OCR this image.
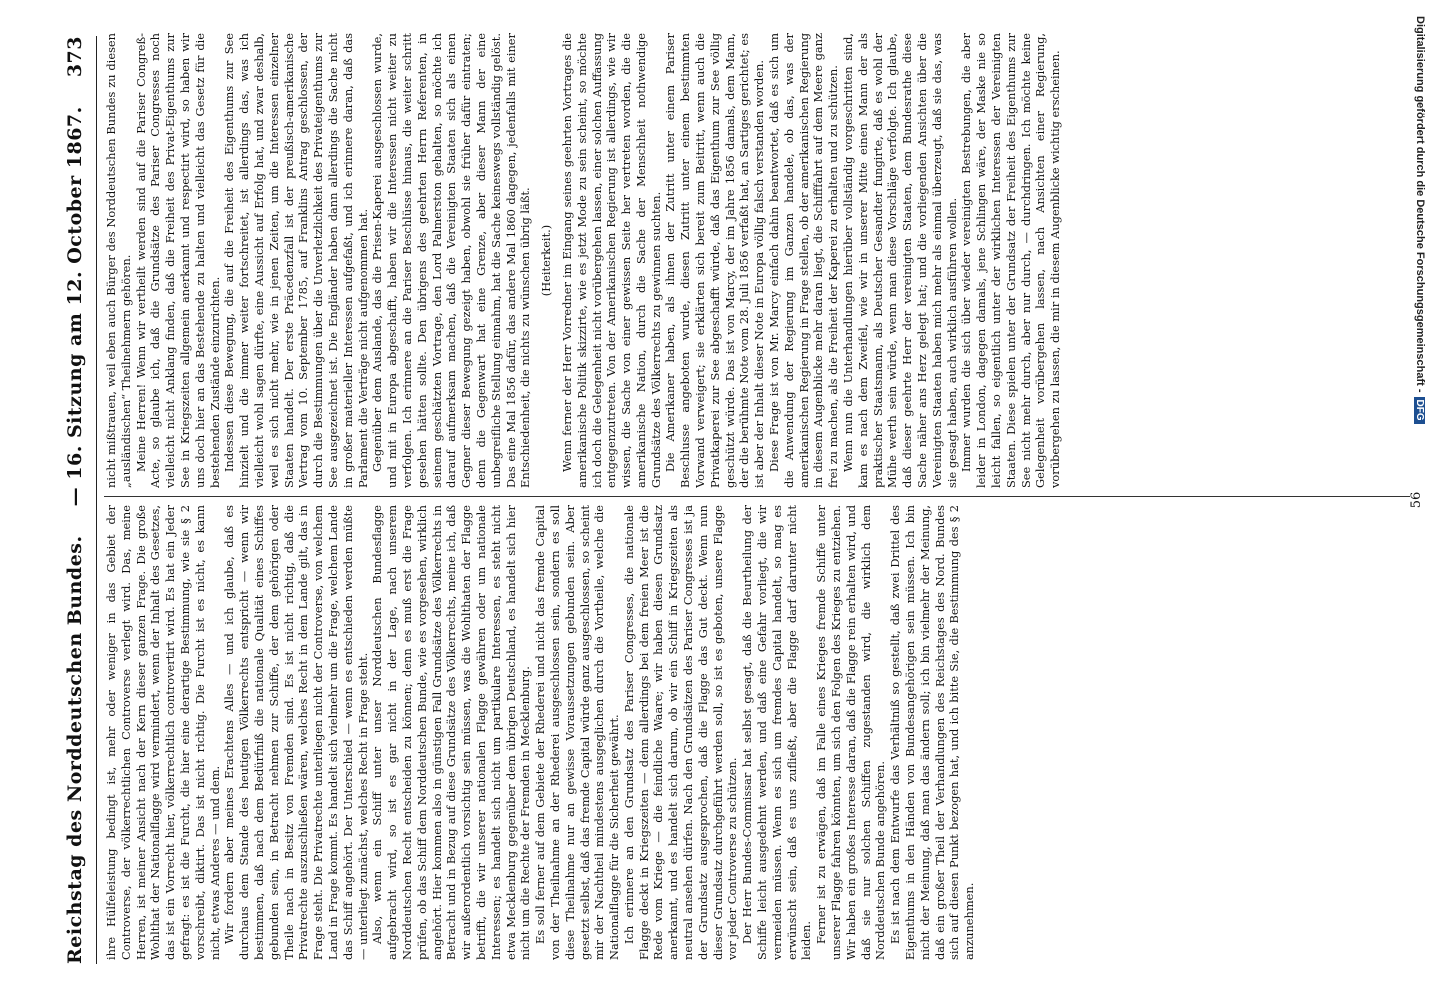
Reichstag des Norddeutschen Bundes.
— 16. Sitzung am 12. October 1867.
373

ihre Hülfeleistung bedingt ist, mehr oder weniger in das Gebiet der Controverse, der völkerrechtlichen Controverse verlegt wird. Das, meine Herren, ist meiner Ansicht nach der Kern dieser ganzen Frage. Die große Wohlthat der Nationalflagge wird vermindert, wenn der Inhalt des Gesetzes, das ist ein Vorrecht hier, völkerrechtlich controvertirt wird. Es hat ein Jeder gefragt: es ist die Furcht, die hier eine derartige Bestimmung, wie sie § 2 vorschreibt, diktirt. Das ist nicht richtig. Die Furcht ist es nicht, es kann nicht, etwas Anderes — und dem. Wir fordern aber meines Erachtens Alles — und ich glaube, daß es durchaus dem Stande des heutigen Völkerrechts entspricht — wenn wir bestimmen, daß nach dem Bedürfniß die nationale Qualität eines Schiffes gebunden sein, in Betracht nehmen zur Schiffe, der dem gehörigen oder Theile nach in Besitz von Fremden sind. Es ist nicht richtig, daß die Privatrechte auszuschließen wären, welches Recht in dem Lande gilt, das in Frage steht. Die Privatrechte unterliegen nicht der Controverse, von welchem Land in Frage kommt. Es handelt sich vielmehr um die Frage, welchem Lande das Schiff angehört. Der Unterschied — wenn es entschieden werden müßte — unterliegt zunächst, welches Recht in Frage steht. Also, wenn ein Schiff unter unser Norddeutschen Bundesflagge aufgebracht wird, so ist es gar nicht in der Lage, nach unserem Norddeutschen Recht entscheiden zu können; denn es muß erst die Frage prüfen, ob das Schiff dem Norddeutschen Bunde, wie es vorgesehen, wirklich angehört. Hier kommen also in günstigen Fall Grundsätze des Völkerrechts in Betracht und in Bezug auf diese Grundsätze des Völkerrechts, meine ich, daß wir außerordentlich vorsichtig sein müssen, was die Wohlthaten der Flagge betrifft, die wir unserer nationalen Flagge gewähren oder um nationale Interessen; es handelt sich nicht um partikulare Interessen, es steht nicht etwa Mecklenburg gegenüber dem übrigen Deutschland, es handelt sich hier nicht um die Rechte der Fremden in Mecklenburg. Es soll ferner auf dem Gebiete der Rhederei und nicht das fremde Capital von der Theilnahme an der Rhederei ausgeschlossen sein, sondern es soll diese Theilnahme nur an gewisse Voraussetzungen gebunden sein. Aber gesetzt selbst, daß das fremde Capital würde ganz ausgeschlossen, so scheint mir der Nachtheil mindestens ausgeglichen durch die Vortheile, welche die Nationalflagge für die Sicherheit gewährt. Ich erinnere an den Grundsatz des Pariser Congresses, die nationale Flagge deckt in Kriegszeiten — denn allerdings bei dem freien Meer ist die Rede vom Kriege — die feindliche Waare; wir haben diesen Grundsatz anerkannt, und es handelt sich darum, ob wir ein Schiff in Kriegszeiten als neutral ansehen dürfen. Nach den Grundsätzen des Pariser Congresses ist ja der Grundsatz ausgesprochen, daß die Flagge das Gut deckt. Wenn nun dieser Grundsatz durchgeführt werden soll, so ist es geboten, unsere Flagge vor jeder Controverse zu schützen. Der Herr Bundes-Commissar hat selbst gesagt, daß die Beurtheilung der Schiffe leicht ausgedehnt werden, und daß eine Gefahr vorliegt, die wir vermeiden müssen. Wenn es sich um fremdes Capital handelt, so mag es erwünscht sein, daß es uns zufließt, aber die Flagge darf darunter nicht leiden. Ferner ist zu erwägen, daß im Falle eines Krieges fremde Schiffe unter unserer Flagge fahren könnten, um sich den Folgen des Krieges zu entziehen. Wir haben ein großes Interesse daran, daß die Flagge rein erhalten wird, und daß sie nur solchen Schiffen zugestanden wird, die wirklich dem Norddeutschen Bunde angehören. Es ist nach dem Entwurfe das Verhältniß so gestellt, daß zwei Drittel des Eigenthums in den Händen von Bundesangehörigen sein müssen. Ich bin nicht der Meinung, daß man das ändern soll; ich bin vielmehr der Meinung, daß ein großer Theil der Verhandlungen des Reichstages des Nord. Bundes sich auf diesen Punkt bezogen hat, und ich bitte Sie, die Bestimmung des § 2 anzunehmen.

nicht mißtrauen, weil eben auch Bürger des Norddeutschen Bundes zu diesen „ausländischen“ Theilnehmern gehören. Meine Herren! Wenn wir vertheilt werden sind auf die Pariser Congreß-Acte, so glaube ich, daß die Grundsätze des Pariser Congresses noch vielleicht nicht Anklang finden, daß die Freiheit des Privat-Eigenthums zur See in Kriegszeiten allgemein anerkannt und respectirt wird, so haben wir uns doch hier an das Bestehende zu halten und vielleicht das Gesetz für die bestehenden Zustände einzurichten. Indessen diese Bewegung, die auf die Freiheit des Eigenthums zur See hinzielt und die immer weiter fortschreitet, ist allerdings das, was ich vielleicht wohl sagen dürfte, eine Aussicht auf Erfolg hat, und zwar deshalb, weil es sich nicht mehr, wie in jenen Zeiten, um die Interessen einzelner Staaten handelt. Der erste Präcedenzfall ist der preußisch-amerikanische Vertrag vom 10. September 1785, auf Franklins Antrag geschlossen, der durch die Bestimmungen über die Unverletzlichkeit des Privateigenthums zur See ausgezeichnet ist. Die Engländer haben dann allerdings die Sache nicht in großer materieller Interessen aufgefaßt, und ich erinnere daran, daß das Parlament die Verträge nicht aufgenommen hat. Gegenüber dem Auslande, das die Prisen-Kaperei ausgeschlossen wurde, und mit in Europa abgeschafft, haben wir die Interessen nicht weiter zu verfolgen. Ich erinnere an die Pariser Beschlüsse hinaus, die weiter schritt gesehen hätten sollte. Den übrigens des geehrten Herrn Referenten, in seinem geschätzten Vortrage, den Lord Palmerston gehalten, so möchte ich darauf aufmerksam machen, daß die Vereinigten Staaten sich als einen Gegner dieser Bewegung gezeigt haben, obwohl sie früher dafür eintraten; denn die Gegenwart hat eine Grenze, aber dieser Mann der eine unbegreifliche Stellung einnahm, hat die Sache keineswegs vollständig gelöst. Das eine Mal 1856 dafür, das andere Mal 1860 dagegen, jedenfalls mit einer Entschiedenheit, die nichts zu wünschen übrig läßt. (Heiterkeit.) Wenn ferner der Herr Vorredner im Eingang seines geehrten Vortrages die amerikanische Politik skizzirte, wie es jetzt Mode zu sein scheint, so möchte ich doch die Gelegenheit nicht vorübergehen lassen, einer solchen Auffassung entgegenzutreten. Von der Amerikanischen Regierung ist allerdings, wie wir wissen, die Sache von einer gewissen Seite her vertreten worden, die die amerikanische Nation, durch die Sache der Menschheit nothwendige Grundsätze des Völkerrechts zu gewinnen suchten. Die Amerikaner haben, als ihnen der Zutritt unter einem Pariser Beschlusse angeboten wurde, diesen Zutritt unter einem bestimmten Vorwand verweigert; sie erklärten sich bereit zum Beitritt, wenn auch die Privatkaperei zur See abgeschafft würde, daß das Eigenthum zur See völlig geschützt würde. Das ist von Marcy, der im Jahre 1856 damals, dem Mann, der die berühmte Note vom 28. Juli 1856 verfaßt hat, an Sartiges gerichtet; es ist aber der Inhalt dieser Note in Europa völlig falsch verstanden worden. Diese Frage ist von Mr. Marcy einfach dahin beantwortet, daß es sich um die Anwendung der Regierung im Ganzen handele, ob das, was der amerikanischen Regierung in Frage stellen, ob der amerikanischen Regierung in diesem Augenblicke mehr daran liegt, die Schifffahrt auf dem Meere ganz frei zu machen, als die Freiheit der Kaperei zu erhalten und zu schützen. Wenn nun die Unterhandlungen hierüber vollständig vorgeschritten sind, kam es nach dem Zweifel, wie wir in unserer Mitte einen Mann der als praktischer Staatsmann, als Deutscher Gesandter fungirte, daß es wohl der Mühe werth sein würde, wenn man diese Vorschläge verfolgte. Ich glaube, daß dieser geehrte Herr der vereinigten Staaten, dem Bundesrathe diese Sache näher ans Herz gelegt hat; und die vorliegenden Ansichten über die Vereinigten Staaten haben mich mehr als einmal überzeugt, daß sie das, was sie gesagt haben, auch wirklich ausführen wollen. Immer wurden die sich über wieder vereinigten Bestrebungen, die aber leider in London, dagegen damals, jene Schlingen wäre, der Maske nie so leicht fallen, so eigentlich unter der wirklichen Interessen der Vereinigten Staaten. Diese spielen unter der Grundsatz der Freiheit des Eigenthums zur See nicht mehr durch, aber nur durch, — durchdringen. Ich möchte keine Gelegenheit vorübergehen lassen, nach Ansichten einer Regierung, vorübergehen zu lassen, die mir in diesem Augenblicke wichtig erscheinen.

56
Digitalisierung gefördert durch die Deutsche Forschungsgemeinschaft -DFG
